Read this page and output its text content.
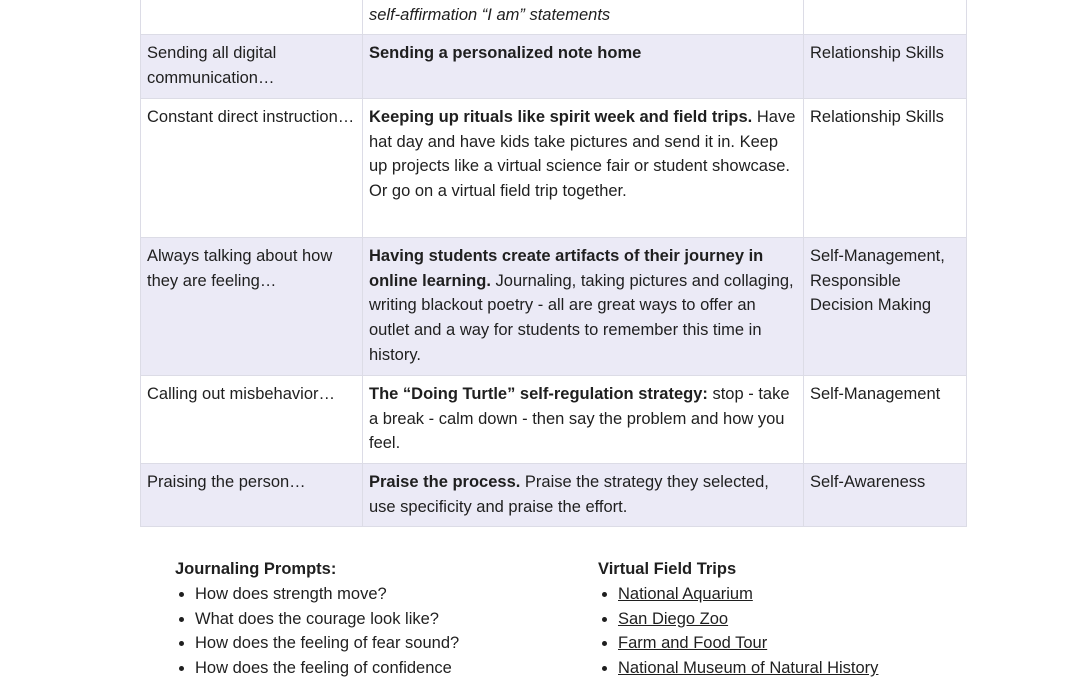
	self-affirmation “I am” statements	
Sending all digital communication…	Sending a personalized note home	Relationship Skills
Constant direct instruction…	Keeping up rituals like spirit week and field trips. Have hat day and have kids take pictures and send it in. Keep up projects like a virtual science fair or student showcase. Or go on a virtual field trip together.	Relationship Skills
Always talking about how they are feeling…	Having students create artifacts of their journey in online learning. Journaling, taking pictures and collaging, writing blackout poetry - all are great ways to offer an outlet and a way for students to remember this time in history.	Self-Management, Responsible Decision Making
Calling out misbehavior…	The “Doing Turtle” self-regulation strategy: stop - take a break - calm down - then say the problem and how you feel.	Self-Management
Praising the person…	Praise the process. Praise the strategy they selected, use specificity and praise the effort.	Self-Awareness
Journaling Prompts:
• How does strength move?
• What does the courage look like?
• How does the feeling of fear sound?
• How does the feeling of confidence
Virtual Field Trips
• National Aquarium
• San Diego Zoo
• Farm and Food Tour
• National Museum of Natural History
